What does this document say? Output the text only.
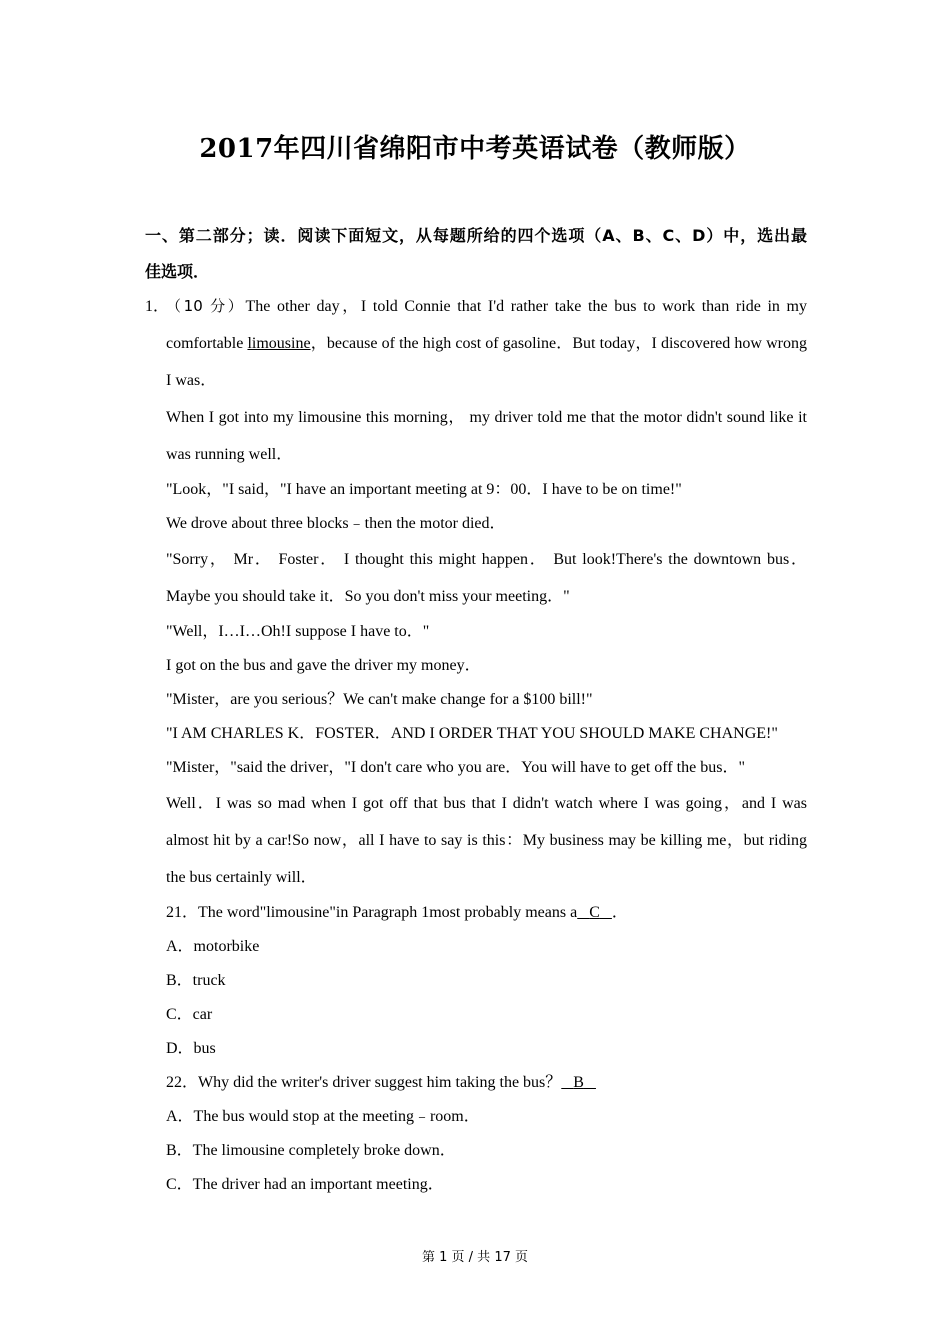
2017年四川省绵阳市中考英语试卷（教师版）
一、第二部分；读．阅读下面短文，从每题所给的四个选项（A、B、C、D）中，选出最
佳选项．
1．
（10 分）The other day，I told Connie that I'd rather take the bus to work than ride in my comfortable limousine，because of the high cost of gasoline．But today，I discovered how wrong I was．

When I got into my limousine this morning， my driver told me that the motor didn't sound like it was running well．

"Look，"I said，"I have an important meeting at 9：00．I have to be on time!"

We drove about three blocks﹣then the motor died．

"Sorry， Mr． Foster． I thought this might happen． But look!There's the downtown bus．Maybe you should take it．So you don't miss your meeting．"

"Well，I…I…Oh!I suppose I have to．"

I got on the bus and gave the driver my money．

"Mister，are you serious？We can't make change for a $100 bill!"

"I AM CHARLES K．FOSTER．AND I ORDER THAT YOU SHOULD MAKE CHANGE!"

"Mister，"said the driver，"I don't care who you are．You will have to get off the bus．"

Well．I was so mad when I got off that bus that I didn't watch where I was going，and I was almost hit by a car!So now，all I have to say is this：My business may be killing me，but riding the bus certainly will．

21．The word"limousine"in Paragraph 1most probably means a C ．

A．motorbike

B．truck

C．car

D．bus

22．Why did the writer's driver suggest him taking the bus？ B

A．The bus would stop at the meeting﹣room．

B．The limousine completely broke down．

C．The driver had an important meeting．

第 1 页 / 共 17 页
